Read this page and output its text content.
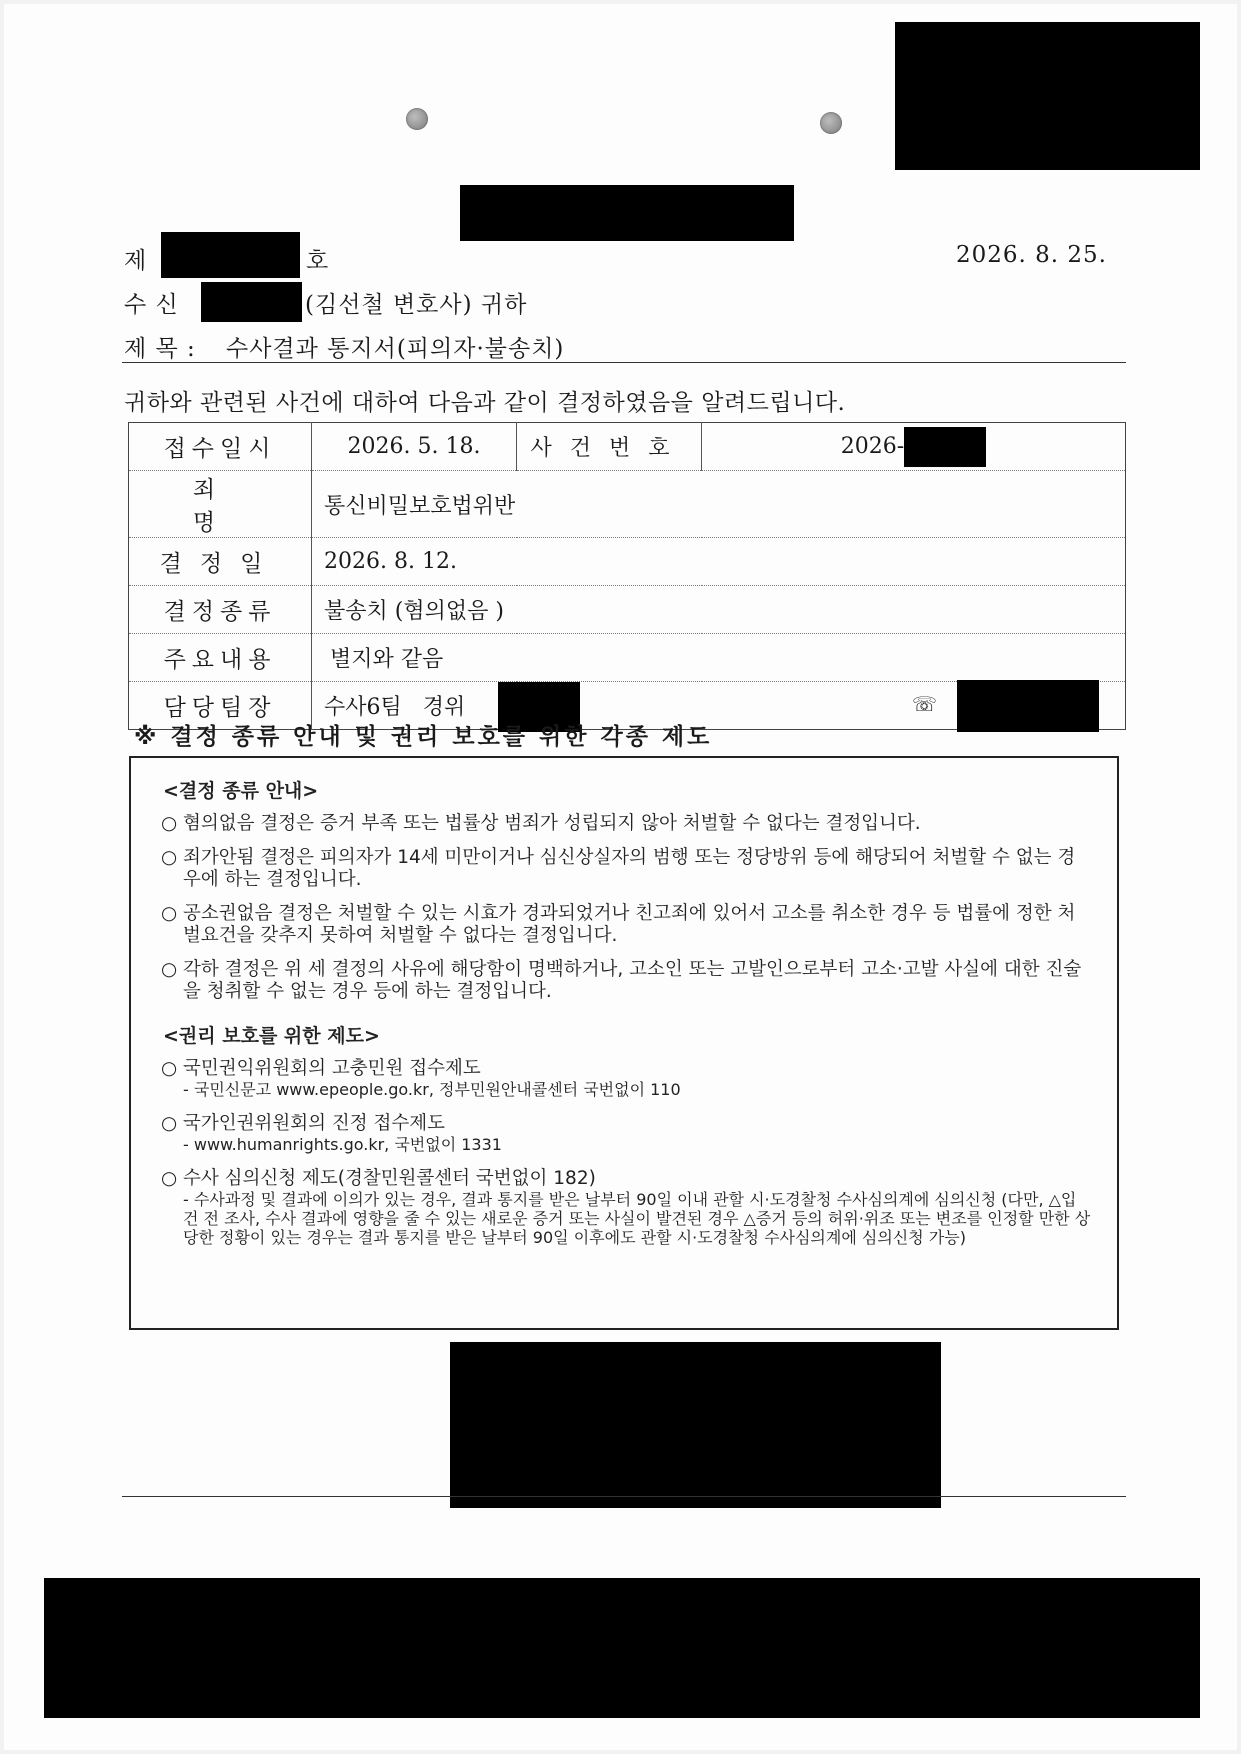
제	호	2026. 8. 25.
수 신	(김선철 변호사) 귀하
제 목 : 수사결과 통지서(피의자·불송치)
귀하와 관련된 사건에 대하여 다음과 같이 결정하였음을 알려드립니다.
접수일시	2026. 5. 18.	사건번호	2026-
죄명	통신비밀보호법위반		
결정일	2026. 8. 12.		
결정종류	불송치 (혐의없음 )		
주요내용	별지와 같음		
담당팀장	수사6팀   경위 ☏		
※ 결정 종류 안내 및 권리 보호를 위한 각종 제도
<결정 종류 안내>
○ 혐의없음 결정은 증거 부족 또는 법률상 범죄가 성립되지 않아 처벌할 수 없다는 결정입니다.
○ 죄가안됨 결정은 피의자가 14세 미만이거나 심신상실자의 범행 또는 정당방위 등에 해당되어 처벌할 수 없는 경우에 하는 결정입니다.
○ 공소권없음 결정은 처벌할 수 있는 시효가 경과되었거나 친고죄에 있어서 고소를 취소한 경우 등 법률에 정한 처벌요건을 갖추지 못하여 처벌할 수 없다는 결정입니다.
○ 각하 결정은 위 세 결정의 사유에 해당함이 명백하거나, 고소인 또는 고발인으로부터 고소·고발 사실에 대한 진술을 청취할 수 없는 경우 등에 하는 결정입니다.
<권리 보호를 위한 제도>
○ 국민권익위원회의 고충민원 접수제도
- 국민신문고 www.epeople.go.kr, 정부민원안내콜센터 국번없이 110
○ 국가인권위원회의 진정 접수제도
- www.humanrights.go.kr, 국번없이 1331
○ 수사 심의신청 제도(경찰민원콜센터 국번없이 182)
- 수사과정 및 결과에 이의가 있는 경우, 결과 통지를 받은 날부터 90일 이내 관할 시·도경찰청 수사심의계에 심의신청 (다만, △입건 전 조사, 수사 결과에 영향을 줄 수 있는 새로운 증거 또는 사실이 발견된 경우 △증거 등의 허위·위조 또는 변조를 인정할 만한 상당한 정황이 있는 경우는 결과 통지를 받은 날부터 90일 이후에도 관할 시·도경찰청 수사심의계에 심의신청 가능)
